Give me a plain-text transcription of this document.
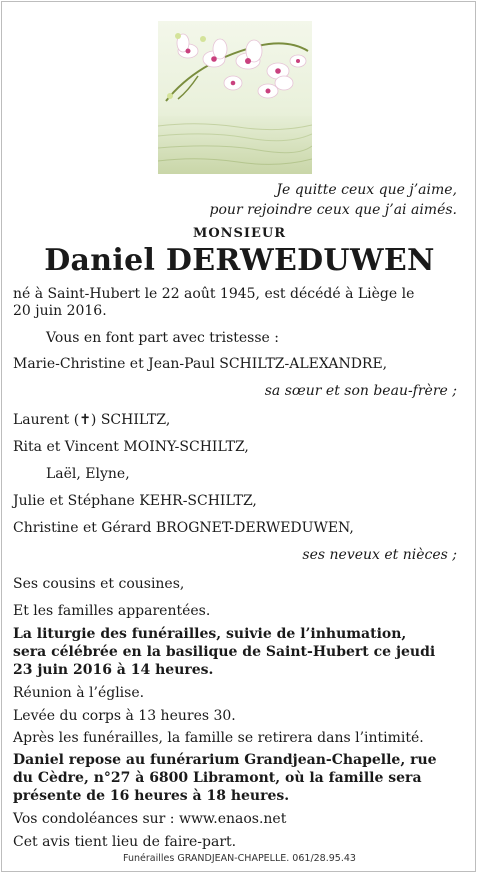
Je quitte ceux que j’aime,
pour rejoindre ceux que j’ai aimés.
MONSIEUR
Daniel DERWEDUWEN
né à Saint-Hubert le 22 août 1945, est décédé à Liège le
20 juin 2016.
Vous en font part avec tristesse :
Marie-Christine et Jean-Paul SCHILTZ-ALEXANDRE,
sa sœur et son beau-frère ;
Laurent (✝) SCHILTZ,
Rita et Vincent MOINY-SCHILTZ,
Laël, Elyne,
Julie et Stéphane KEHR-SCHILTZ,
Christine et Gérard BROGNET-DERWEDUWEN,
ses neveux et nièces ;
Ses cousins et cousines,
Et les familles apparentées.
La liturgie des funérailles, suivie de l’inhumation,
sera célébrée en la basilique de Saint-Hubert ce jeudi
23 juin 2016 à 14 heures.
Réunion à l’église.
Levée du corps à 13 heures 30.
Après les funérailles, la famille se retirera dans l’intimité.
Daniel repose au funérarium Grandjean-Chapelle, rue
du Cèdre, n°27 à 6800 Libramont, où la famille sera
présente de 16 heures à 18 heures.
Vos condoléances sur : www.enaos.net
Cet avis tient lieu de faire-part.
Funérailles GRANDJEAN-CHAPELLE. 061/28.95.43
